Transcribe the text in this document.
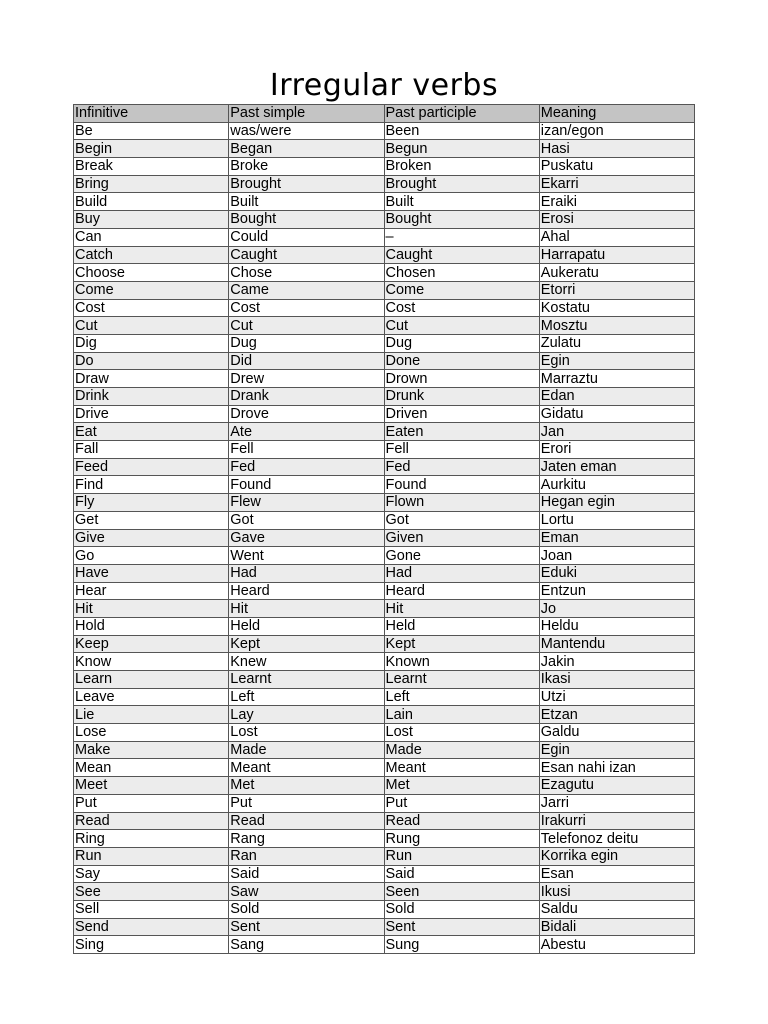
Irregular verbs
Infinitive	Past simple	Past participle	Meaning
Be	was/were	Been	izan/egon
Begin	Began	Begun	Hasi
Break	Broke	Broken	Puskatu
Bring	Brought	Brought	Ekarri
Build	Built	Built	Eraiki
Buy	Bought	Bought	Erosi
Can	Could	–	Ahal
Catch	Caught	Caught	Harrapatu
Choose	Chose	Chosen	Aukeratu
Come	Came	Come	Etorri
Cost	Cost	Cost	Kostatu
Cut	Cut	Cut	Mosztu
Dig	Dug	Dug	Zulatu
Do	Did	Done	Egin
Draw	Drew	Drown	Marraztu
Drink	Drank	Drunk	Edan
Drive	Drove	Driven	Gidatu
Eat	Ate	Eaten	Jan
Fall	Fell	Fell	Erori
Feed	Fed	Fed	Jaten eman
Find	Found	Found	Aurkitu
Fly	Flew	Flown	Hegan egin
Get	Got	Got	Lortu
Give	Gave	Given	Eman
Go	Went	Gone	Joan
Have	Had	Had	Eduki
Hear	Heard	Heard	Entzun
Hit	Hit	Hit	Jo
Hold	Held	Held	Heldu
Keep	Kept	Kept	Mantendu
Know	Knew	Known	Jakin
Learn	Learnt	Learnt	Ikasi
Leave	Left	Left	Utzi
Lie	Lay	Lain	Etzan
Lose	Lost	Lost	Galdu
Make	Made	Made	Egin
Mean	Meant	Meant	Esan nahi izan
Meet	Met	Met	Ezagutu
Put	Put	Put	Jarri
Read	Read	Read	Irakurri
Ring	Rang	Rung	Telefonoz deitu
Run	Ran	Run	Korrika egin
Say	Said	Said	Esan
See	Saw	Seen	Ikusi
Sell	Sold	Sold	Saldu
Send	Sent	Sent	Bidali
Sing	Sang	Sung	Abestu
